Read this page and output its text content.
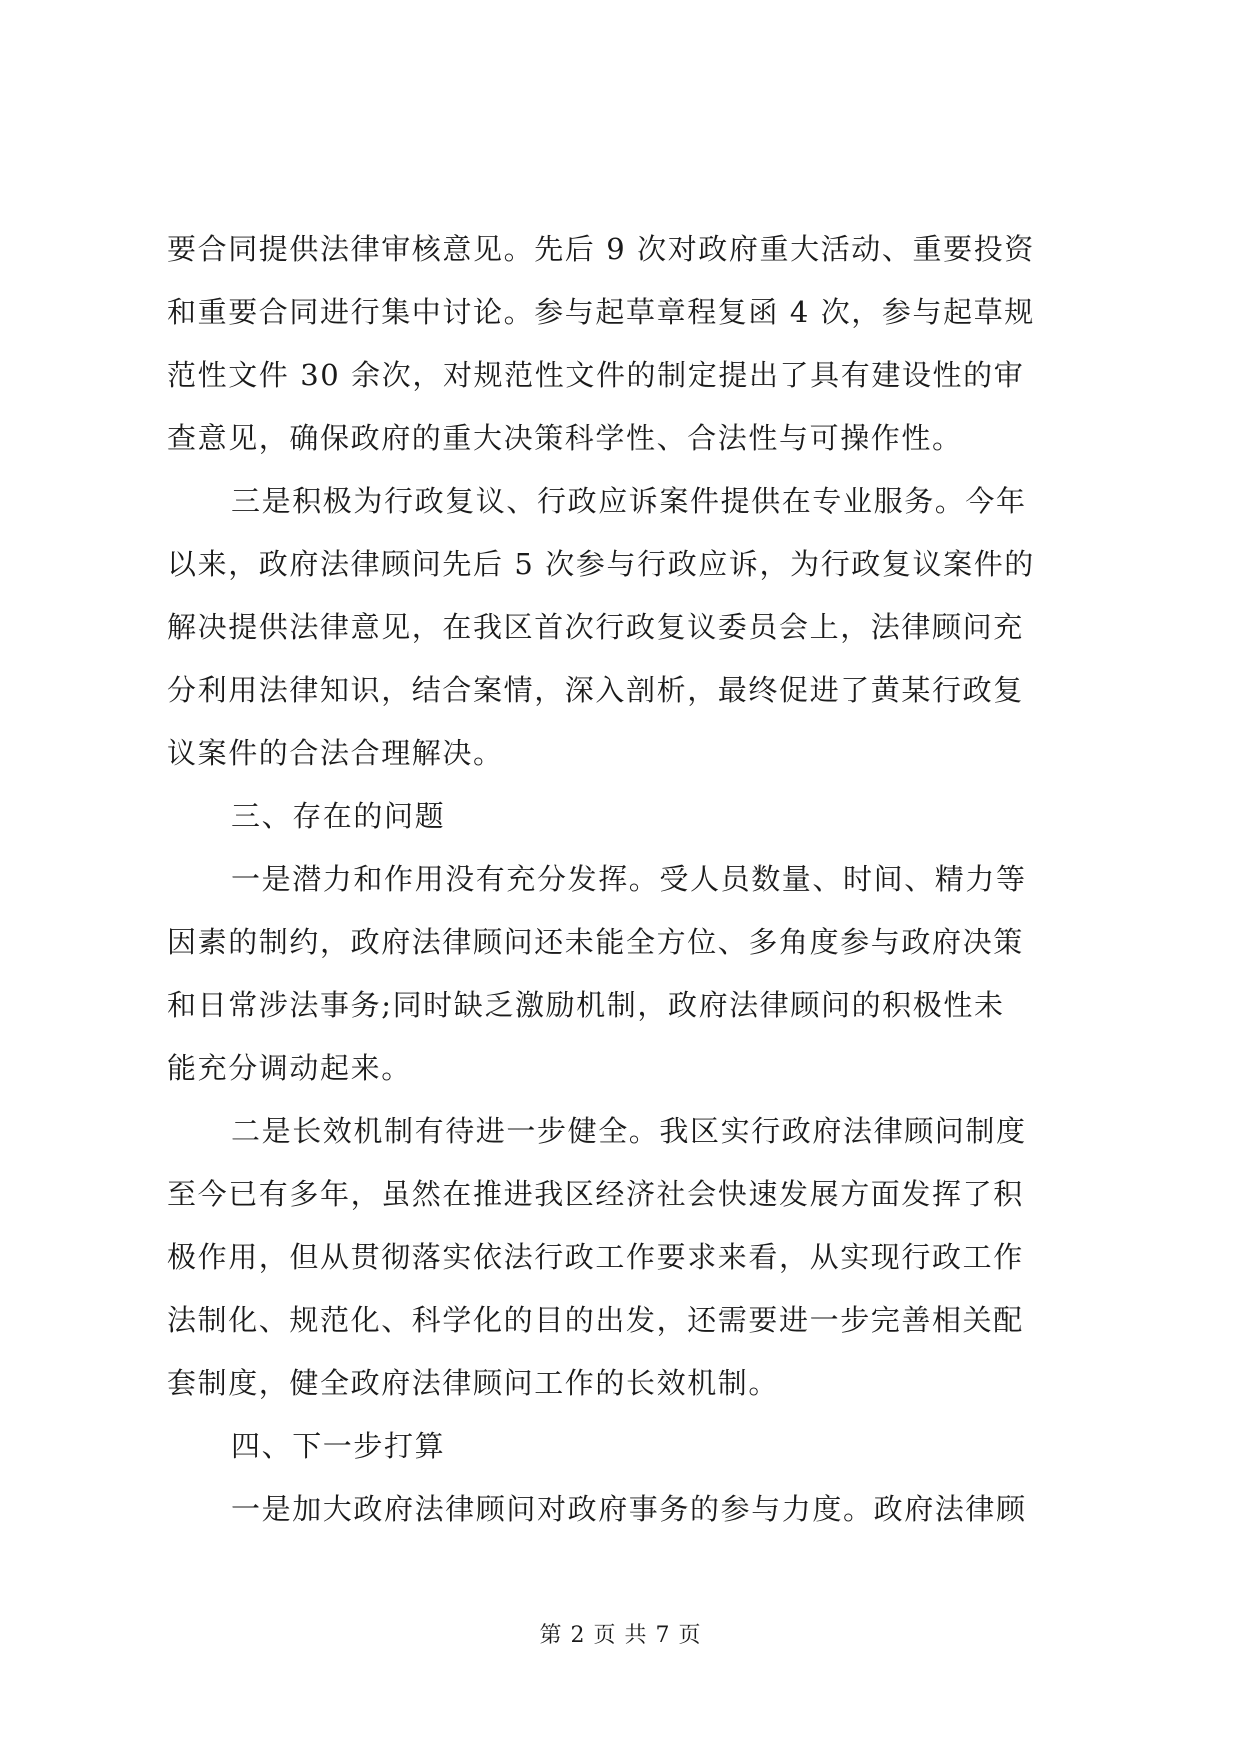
要合同提供法律审核意见。先后 9 次对政府重大活动、重要投资
和重要合同进行集中讨论。参与起草章程复函 4 次，参与起草规
范性文件 30 余次，对规范性文件的制定提出了具有建设性的审
查意见，确保政府的重大决策科学性、合法性与可操作性。
三是积极为行政复议、行政应诉案件提供在专业服务。今年
以来，政府法律顾问先后 5 次参与行政应诉，为行政复议案件的
解决提供法律意见，在我区首次行政复议委员会上，法律顾问充
分利用法律知识，结合案情，深入剖析，最终促进了黄某行政复
议案件的合法合理解决。
三、存在的问题
一是潜力和作用没有充分发挥。受人员数量、时间、精力等
因素的制约，政府法律顾问还未能全方位、多角度参与政府决策
和日常涉法事务;同时缺乏激励机制，政府法律顾问的积极性未
能充分调动起来。
二是长效机制有待进一步健全。我区实行政府法律顾问制度
至今已有多年，虽然在推进我区经济社会快速发展方面发挥了积
极作用，但从贯彻落实依法行政工作要求来看，从实现行政工作
法制化、规范化、科学化的目的出发，还需要进一步完善相关配
套制度，健全政府法律顾问工作的长效机制。
四、下一步打算
一是加大政府法律顾问对政府事务的参与力度。政府法律顾
第 2 页 共 7 页
